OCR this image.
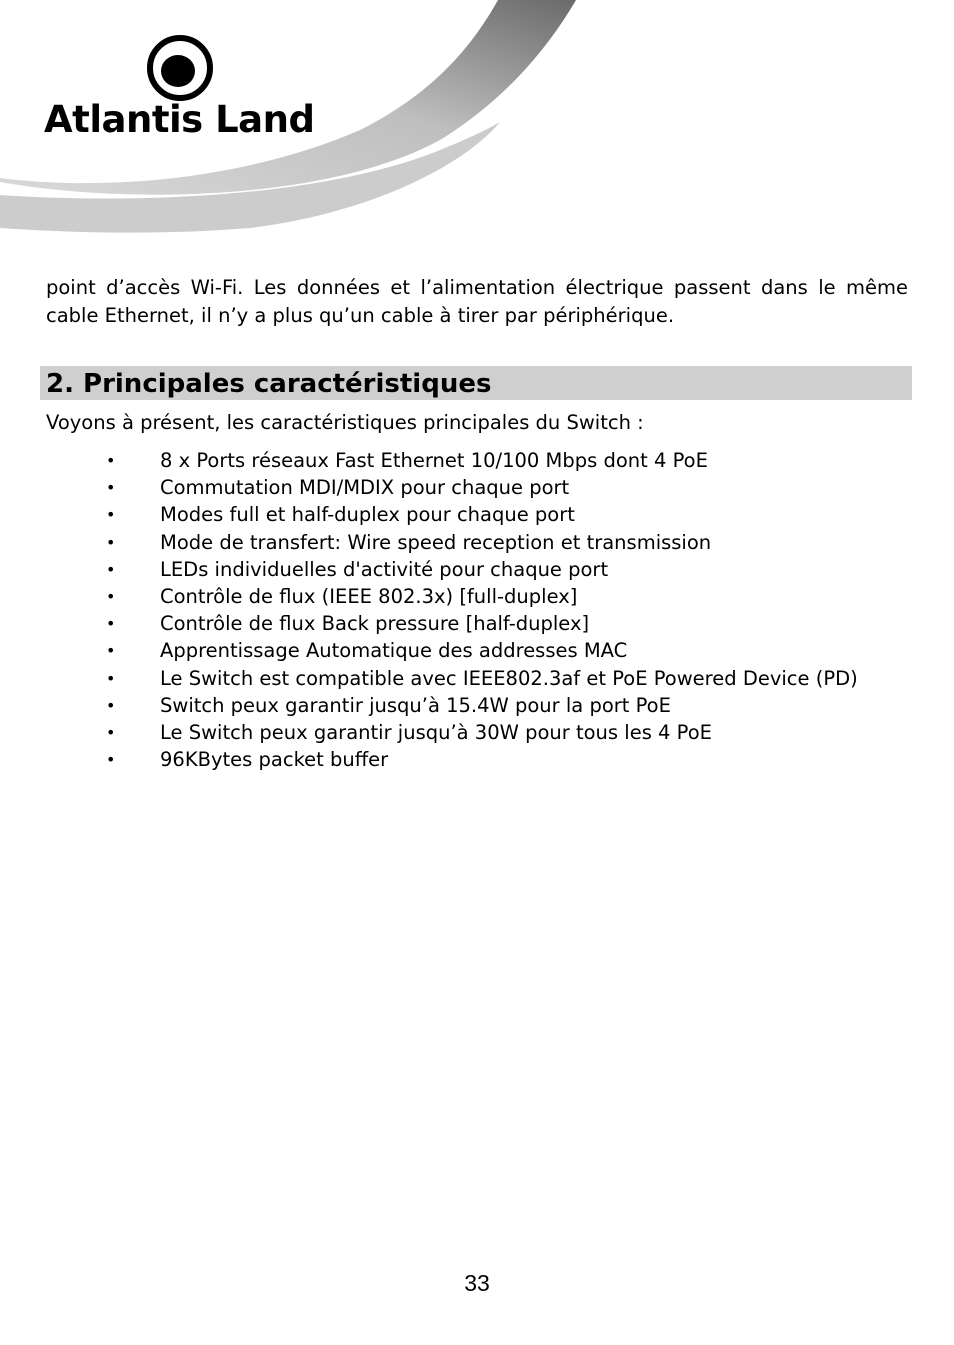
Atlantis Land

point d’accès Wi-Fi. Les données et l’alimentation électrique passent dans le même cable Ethernet, il n’y a plus qu’un cable à tirer par périphérique.

2. Principales caractéristiques
Voyons à présent, les caractéristiques principales du Switch :
• 8 x Ports réseaux Fast Ethernet 10/100 Mbps dont 4 PoE
• Commutation MDI/MDIX pour chaque port
• Modes full et half-duplex pour chaque port
• Mode de transfert: Wire speed reception et transmission
• LEDs individuelles d'activité pour chaque port
• Contrôle de flux (IEEE 802.3x) [full-duplex]
• Contrôle de flux Back pressure [half-duplex]
• Apprentissage Automatique des addresses MAC
• Le Switch est compatible avec IEEE802.3af et PoE Powered Device (PD)
• Switch peux garantir jusqu’à 15.4W pour la port PoE
• Le Switch peux garantir jusqu’à 30W pour tous les 4 PoE
• 96KBytes packet buffer
33
